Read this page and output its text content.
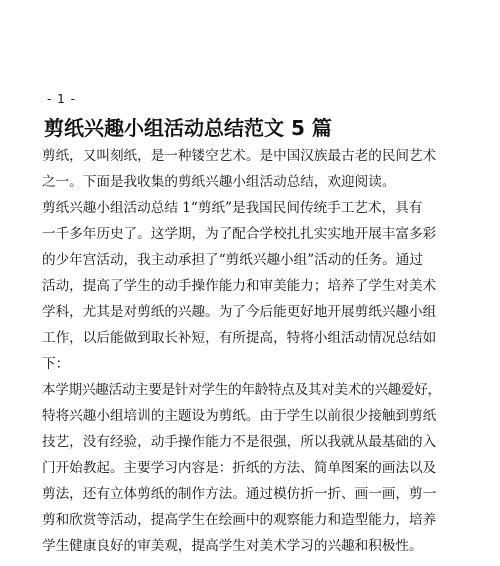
- 1 -
剪纸兴趣小组活动总结范文 5 篇
剪纸，又叫刻纸，是一种镂空艺术。是中国汉族最古老的民间艺术
之一。下面是我收集的剪纸兴趣小组活动总结，欢迎阅读。
剪纸兴趣小组活动总结 1“剪纸”是我国民间传统手工艺术，具有
一千多年历史了。这学期，为了配合学校扎扎实实地开展丰富多彩
的少年宫活动，我主动承担了“剪纸兴趣小组”活动的任务。通过
活动，提高了学生的动手操作能力和审美能力；培养了学生对美术
学科，尤其是对剪纸的兴趣。为了今后能更好地开展剪纸兴趣小组
工作，以后能做到取长补短，有所提高，特将小组活动情况总结如
下：
本学期兴趣活动主要是针对学生的年龄特点及其对美术的兴趣爱好，
特将兴趣小组培训的主题设为剪纸。由于学生以前很少接触到剪纸
技艺，没有经验，动手操作能力不是很强，所以我就从最基础的入
门开始教起。主要学习内容是：折纸的方法、简单图案的画法以及
剪法，还有立体剪纸的制作方法。通过模仿折一折、画一画，剪一
剪和欣赏等活动，提高学生在绘画中的观察能力和造型能力，培养
学生健康良好的审美观，提高学生对美术学习的兴趣和积极性。
